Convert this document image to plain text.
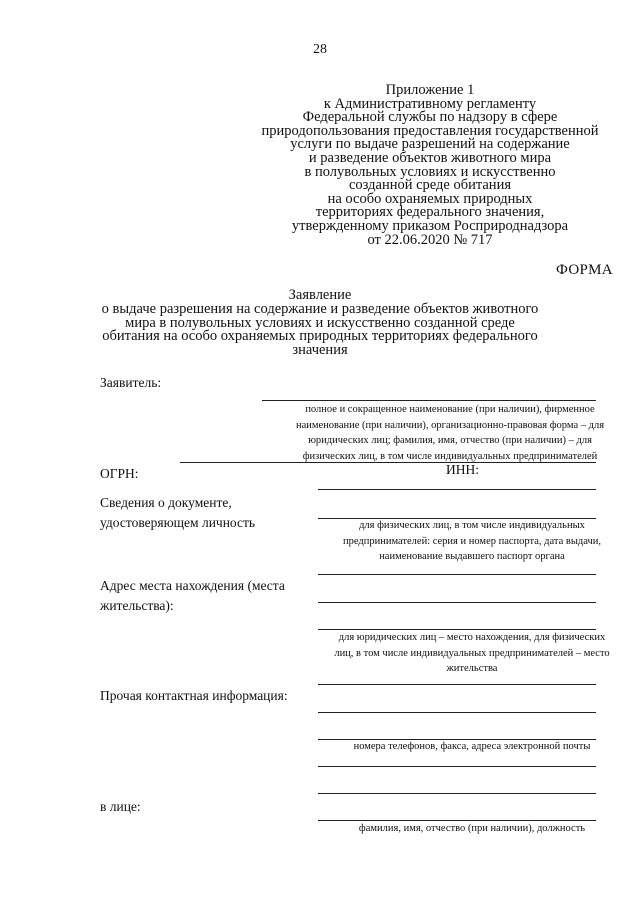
28
Приложение 1
к Административному регламенту
Федеральной службы по надзору в сфере
природопользования предоставления государственной
услуги по выдаче разрешений на содержание
и разведение объектов животного мира
в полувольных условиях и искусственно
созданной среде обитания
на особо охраняемых природных
территориях федерального значения,
утвержденному приказом Росприроднадзора
от 22.06.2020 № 717
ФОРМА
Заявление
о выдаче разрешения на содержание и разведение объектов животного
мира в полувольных условиях и искусственно созданной среде
обитания на особо охраняемых природных территориях федерального
значения
Заявитель:
полное и сокращенное наименование (при наличии), фирменное
наименование (при наличии), организационно-правовая форма – для
юридических лиц; фамилия, имя, отчество (при наличии) – для
физических лиц, в том числе индивидуальных предпринимателей
ОГРН:	ИНН:
Сведения о документе,
удостоверяющем личность	для физических лиц, в том числе индивидуальных
предпринимателей: серия и номер паспорта, дата выдачи,
наименование выдавшего паспорт органа
Адрес места нахождения (места
жительства):
для юридических лиц – место нахождения, для физических
лиц, в том числе индивидуальных предпринимателей – место
жительства
Прочая контактная информация:
номера телефонов, факса, адреса электронной почты
в лице:
фамилия, имя, отчество (при наличии), должность
